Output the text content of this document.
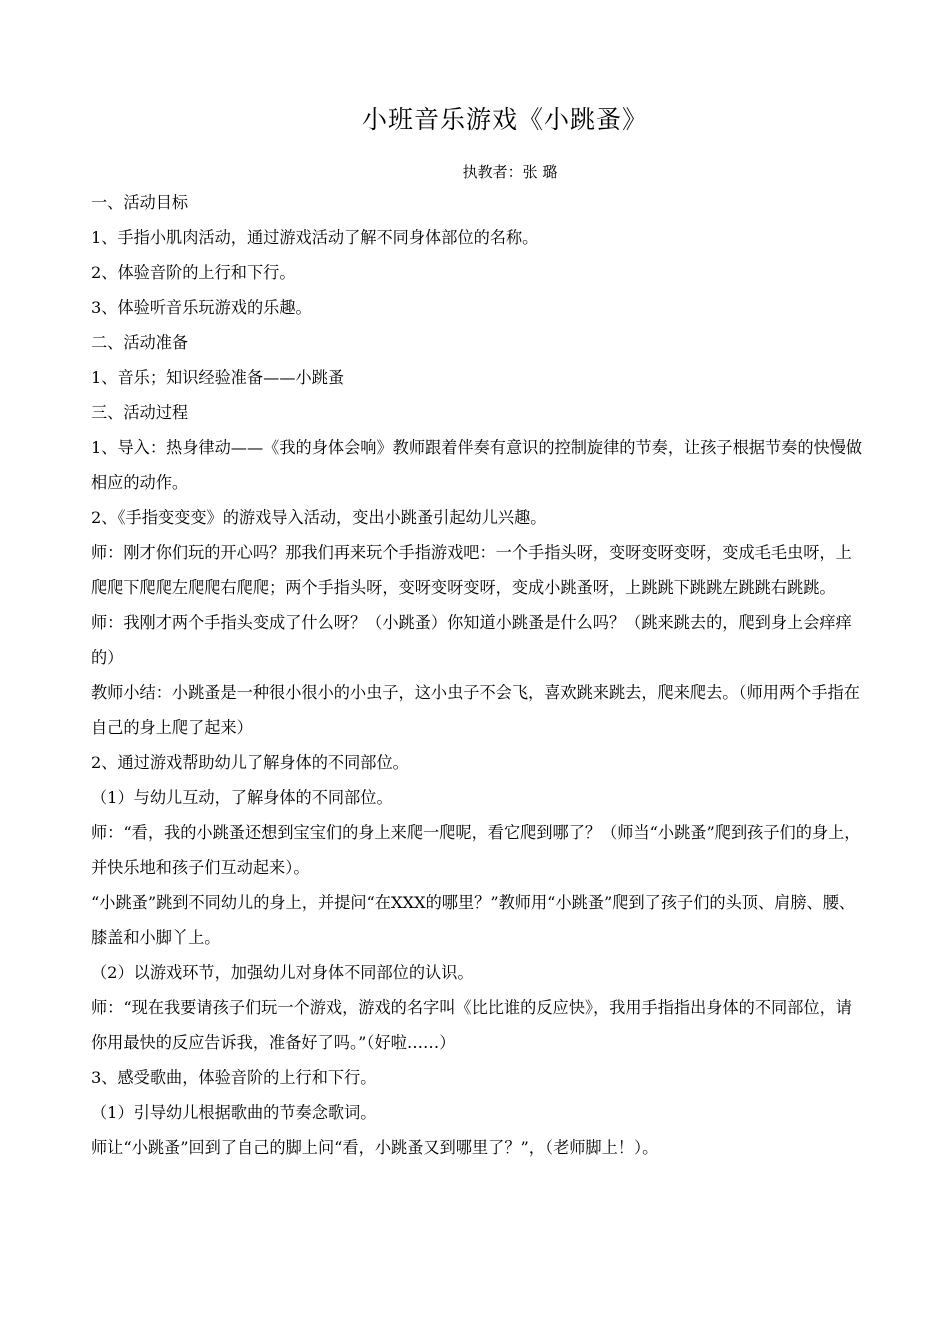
小班音乐游戏《小跳蚤》
执教者：张 璐

一、活动目标

1、手指小肌肉活动，通过游戏活动了解不同身体部位的名称。

2、体验音阶的上行和下行。

3、体验听音乐玩游戏的乐趣。

二、活动准备

1、音乐；知识经验准备——小跳蚤

三、活动过程

1、导入：热身律动——《我的身体会响》教师跟着伴奏有意识的控制旋律的节奏，让孩子根据节奏的快慢做相应的动作。

2、《手指变变变》的游戏导入活动，变出小跳蚤引起幼儿兴趣。

师：刚才你们玩的开心吗？那我们再来玩个手指游戏吧：一个手指头呀，变呀变呀变呀，变成毛毛虫呀，上爬爬下爬爬左爬爬右爬爬；两个手指头呀，变呀变呀变呀，变成小跳蚤呀，上跳跳下跳跳左跳跳右跳跳。

师：我刚才两个手指头变成了什么呀？（小跳蚤）你知道小跳蚤是什么吗？（跳来跳去的，爬到身上会痒痒的）

教师小结：小跳蚤是一种很小很小的小虫子，这小虫子不会飞，喜欢跳来跳去，爬来爬去。（师用两个手指在自己的身上爬了起来）

2、通过游戏帮助幼儿了解身体的不同部位。

（1）与幼儿互动，了解身体的不同部位。

师：“看，我的小跳蚤还想到宝宝们的身上来爬一爬呢，看它爬到哪了？（师当“小跳蚤”爬到孩子们的身上，并快乐地和孩子们互动起来）。

“小跳蚤”跳到不同幼儿的身上，并提问“在XXX的哪里？”教师用“小跳蚤”爬到了孩子们的头顶、肩膀、腰、膝盖和小脚丫上。

（2）以游戏环节，加强幼儿对身体不同部位的认识。

师：“现在我要请孩子们玩一个游戏，游戏的名字叫《比比谁的反应快》，我用手指指出身体的不同部位，请你用最快的反应告诉我，准备好了吗。”（好啦……）

3、感受歌曲，体验音阶的上行和下行。

（1）引导幼儿根据歌曲的节奏念歌词。

师让“小跳蚤”回到了自己的脚上问“看，小跳蚤又到哪里了？”，（老师脚上！）。
